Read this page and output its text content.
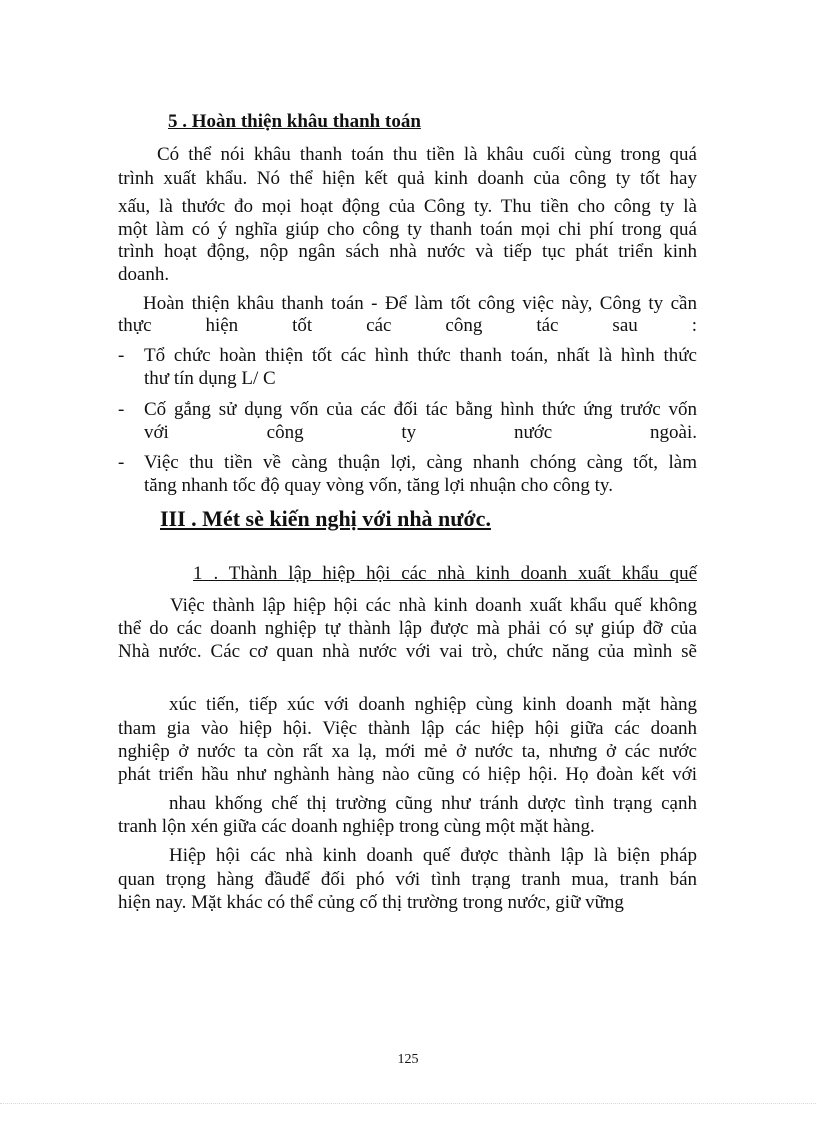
5 . Hoàn thiện khâu thanh toán
Có thể nói khâu thanh toán thu tiền là khâu cuối cùng trong quá
trình xuất khẩu. Nó thể hiện kết quả kinh doanh của công ty tốt hay
xấu, là thước đo mọi hoạt động của Công ty. Thu tiền cho công ty là
một làm có ý nghĩa giúp cho công ty thanh toán mọi chi phí trong quá
trình hoạt động, nộp ngân sách nhà nước và tiếp tục phát triển kinh
doanh.
Hoàn thiện khâu thanh toán - Để làm tốt công việc này, Công ty cần
thực hiện tốt các công tác sau :
- Tổ chức hoàn thiện tốt các hình thức thanh toán, nhất là hình thức
thư tín dụng L/ C
- Cố gắng sử dụng vốn của các đối tác bằng hình thức ứng trước vốn
với công ty nước ngoài.
- Việc thu tiền về càng thuận lợi, càng nhanh chóng càng tốt, làm
tăng nhanh tốc độ quay vòng vốn, tăng lợi nhuận cho công ty.
III . Mét sè kiến nghị với nhà nước.
1 . Thành lập hiệp hội các nhà kinh doanh xuất khẩu quế
Việc thành lập hiệp hội các nhà kinh doanh xuất khẩu quế không
thể do các doanh nghiệp tự thành lập được mà phải có sự giúp đỡ của
Nhà nước. Các cơ quan nhà nước với vai trò, chức năng của mình sẽ
xúc tiến, tiếp xúc với doanh nghiệp cùng kinh doanh mặt hàng
tham gia vào hiệp hội. Việc thành lập các hiệp hội giữa các doanh
nghiệp ở nước ta còn rất xa lạ, mới mẻ ở nước ta, nhưng ở các nước
phát triển hầu như nghành hàng nào cũng có hiệp hội. Họ đoàn kết với
nhau khống chế thị trường cũng như tránh dược tình trạng cạnh
tranh lộn xén giữa các doanh nghiệp trong cùng một mặt hàng.
Hiệp hội các nhà kinh doanh quế được thành lập là biện pháp
quan trọng hàng đầuđể đối phó với tình trạng tranh mua, tranh bán
hiện nay. Mặt khác có thể củng cố thị trường trong nước, giữ vững
125
